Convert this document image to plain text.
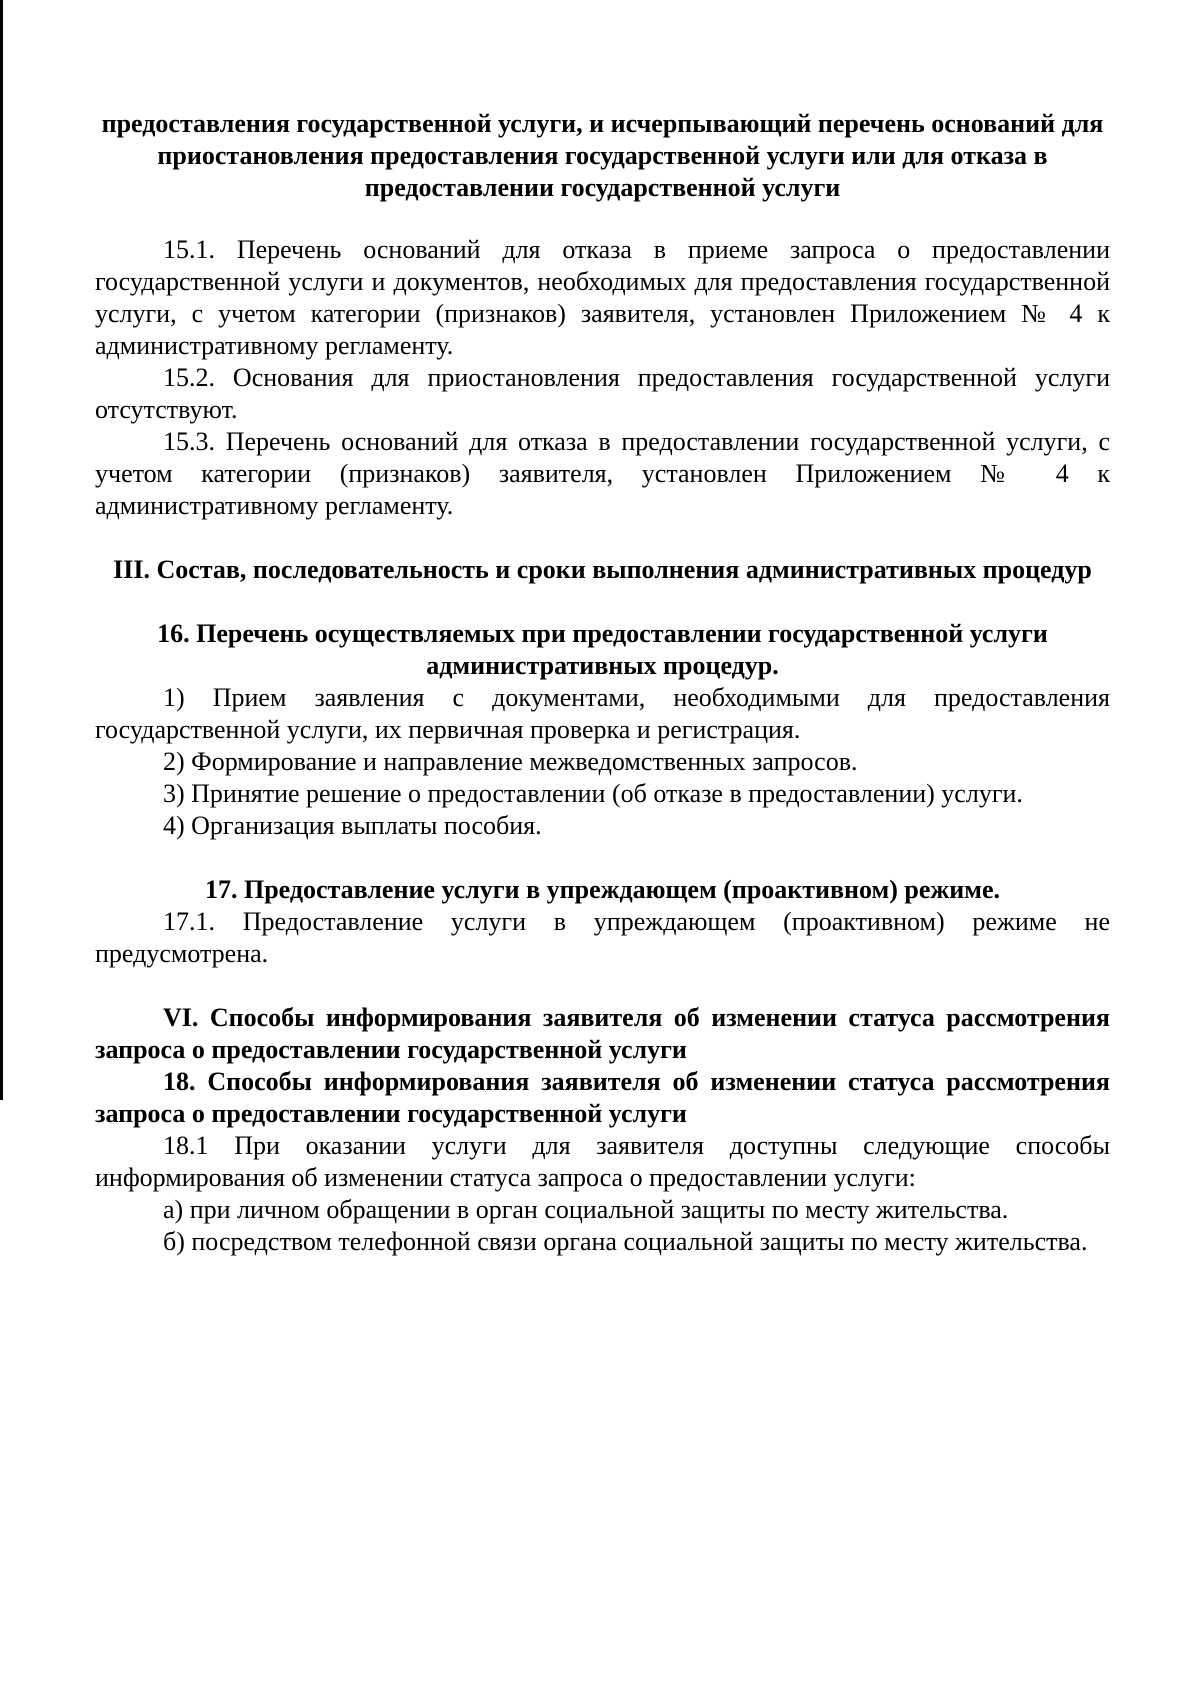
предоставления государственной услуги, и исчерпывающий перечень оснований для приостановления предоставления государственной услуги или для отказа в предоставлении государственной услуги

15.1. Перечень оснований для отказа в приеме запроса о предоставлении государственной услуги и документов, необходимых для предоставления государственной услуги, с учетом категории (признаков) заявителя, установлен Приложением № 4 к административному регламенту.

15.2. Основания для приостановления предоставления государственной услуги отсутствуют.

15.3. Перечень оснований для отказа в предоставлении государственной услуги, с учетом категории (признаков) заявителя, установлен Приложением № 4 к административному регламенту.

III. Состав, последовательность и сроки выполнения административных процедур

16. Перечень осуществляемых при предоставлении государственной услуги административных процедур.

1) Прием заявления с документами, необходимыми для предоставления государственной услуги, их первичная проверка и регистрация.

2) Формирование и направление межведомственных запросов.

3) Принятие решение о предоставлении (об отказе в предоставлении) услуги.

4) Организация выплаты пособия.

17. Предоставление услуги в упреждающем (проактивном) режиме.

17.1. Предоставление услуги в упреждающем (проактивном) режиме не предусмотрена.

VI. Способы информирования заявителя об изменении статуса рассмотрения запроса о предоставлении государственной услуги

18. Способы информирования заявителя об изменении статуса рассмотрения запроса о предоставлении государственной услуги

18.1 При оказании услуги для заявителя доступны следующие способы информирования об изменении статуса запроса о предоставлении услуги:

а) при личном обращении в орган социальной защиты по месту жительства.

б) посредством телефонной связи органа социальной защиты по месту жительства.
